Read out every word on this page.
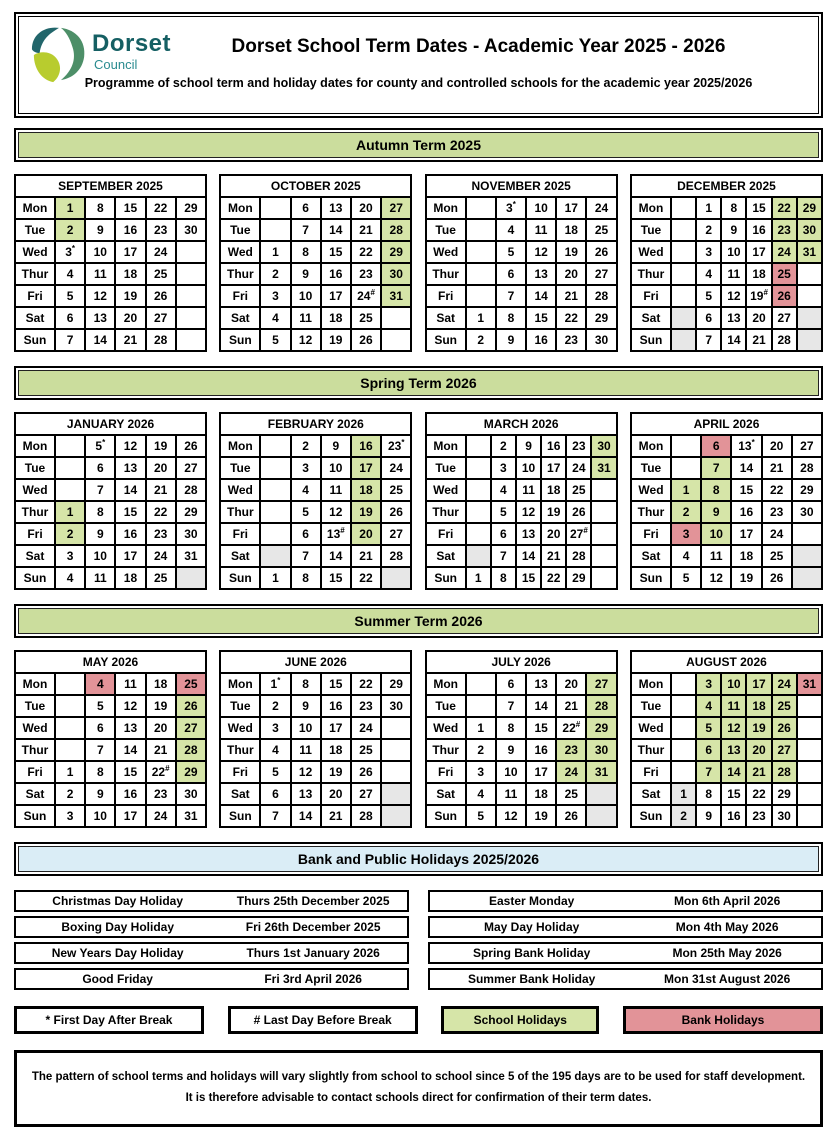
Dorset
Council
Dorset School Term Dates - Academic Year 2025 - 2026
Programme of school term and holiday dates for county and controlled schools for the academic year 2025/2026
Autumn Term 2025
SEPTEMBER 2025					
Mon	1	8	15	22	29
Tue	2	9	16	23	30
Wed	3*	10	17	24	
Thur	4	11	18	25	
Fri	5	12	19	26	
Sat	6	13	20	27	
Sun	7	14	21	28	
OCTOBER 2025					
Mon		6	13	20	27
Tue		7	14	21	28
Wed	1	8	15	22	29
Thur	2	9	16	23	30
Fri	3	10	17	24#	31
Sat	4	11	18	25	
Sun	5	12	19	26	
NOVEMBER 2025					
Mon		3*	10	17	24
Tue		4	11	18	25
Wed		5	12	19	26
Thur		6	13	20	27
Fri		7	14	21	28
Sat	1	8	15	22	29
Sun	2	9	16	23	30
DECEMBER 2025						
Mon		1	8	15	22	29
Tue		2	9	16	23	30
Wed		3	10	17	24	31
Thur		4	11	18	25	
Fri		5	12	19#	26	
Sat		6	13	20	27	
Sun		7	14	21	28	
Spring Term 2026
JANUARY 2026					
Mon		5*	12	19	26
Tue		6	13	20	27
Wed		7	14	21	28
Thur	1	8	15	22	29
Fri	2	9	16	23	30
Sat	3	10	17	24	31
Sun	4	11	18	25	
FEBRUARY 2026					
Mon		2	9	16	23*
Tue		3	10	17	24
Wed		4	11	18	25
Thur		5	12	19	26
Fri		6	13#	20	27
Sat		7	14	21	28
Sun	1	8	15	22	
MARCH 2026						
Mon		2	9	16	23	30
Tue		3	10	17	24	31
Wed		4	11	18	25	
Thur		5	12	19	26	
Fri		6	13	20	27#	
Sat		7	14	21	28	
Sun	1	8	15	22	29	
APRIL 2026					
Mon		6	13*	20	27
Tue		7	14	21	28
Wed	1	8	15	22	29
Thur	2	9	16	23	30
Fri	3	10	17	24	
Sat	4	11	18	25	
Sun	5	12	19	26	
Summer Term 2026
MAY 2026					
Mon		4	11	18	25
Tue		5	12	19	26
Wed		6	13	20	27
Thur		7	14	21	28
Fri	1	8	15	22#	29
Sat	2	9	16	23	30
Sun	3	10	17	24	31
JUNE 2026					
Mon	1*	8	15	22	29
Tue	2	9	16	23	30
Wed	3	10	17	24	
Thur	4	11	18	25	
Fri	5	12	19	26	
Sat	6	13	20	27	
Sun	7	14	21	28	
JULY 2026					
Mon		6	13	20	27
Tue		7	14	21	28
Wed	1	8	15	22#	29
Thur	2	9	16	23	30
Fri	3	10	17	24	31
Sat	4	11	18	25	
Sun	5	12	19	26	
AUGUST 2026						
Mon		3	10	17	24	31
Tue		4	11	18	25	
Wed		5	12	19	26	
Thur		6	13	20	27	
Fri		7	14	21	28	
Sat	1	8	15	22	29	
Sun	2	9	16	23	30	
Bank and Public Holidays 2025/2026
Christmas Day Holiday	Thurs 25th December 2025
Boxing Day Holiday	Fri 26th December 2025
New Years Day Holiday	Thurs 1st January 2026
Good Friday	Fri 3rd April 2026
Easter Monday	Mon 6th April 2026
May Day Holiday	Mon 4th May 2026
Spring Bank Holiday	Mon 25th May 2026
Summer Bank Holiday	Mon 31st August 2026
* First Day After Break	# Last Day Before Break	School Holidays	Bank Holidays
The pattern of school terms and holidays will vary slightly from school to school since 5 of the 195 days are to be used for staff development.
It is therefore advisable to contact schools direct for confirmation of their term dates.
